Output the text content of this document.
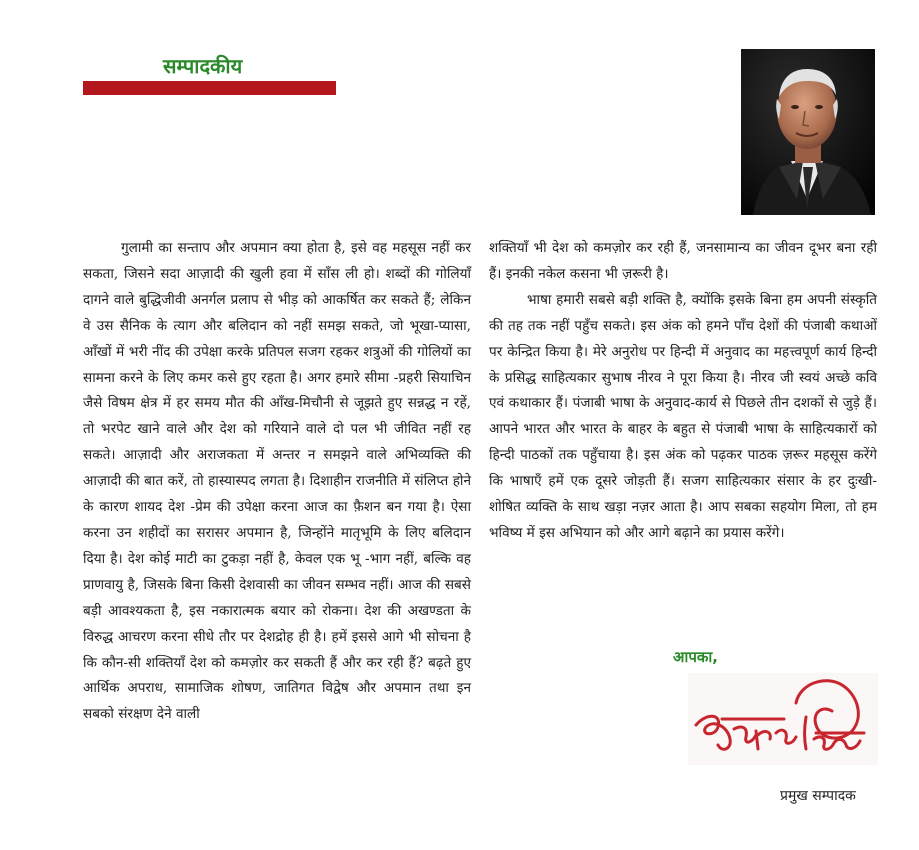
सम्पादकीय

गुलामी का सन्ताप और अपमान क्या होता है, इसे वह महसूस नहीं कर सकता, जिसने सदा आज़ादी की खुली हवा में साँस ली हो। शब्दों की गोलियाँ दागने वाले बुद्धिजीवी अनर्गल प्रलाप से भीड़ को आकर्षित कर सकते हैं; लेकिन वे उस सैनिक के त्याग और बलिदान को नहीं समझ सकते, जो भूखा-प्यासा, आँखों में भरी नींद की उपेक्षा करके प्रतिपल सजग रहकर शत्रुओं की गोलियों का सामना करने के लिए कमर कसे हुए रहता है। अगर हमारे सीमा -प्रहरी सियाचिन जैसे विषम क्षेत्र में हर समय मौत की आँख-मिचौनी से जूझते हुए सन्नद्ध न रहें, तो भरपेट खाने वाले और देश को गरियाने वाले दो पल भी जीवित नहीं रह सकते। आज़ादी और अराजकता में अन्तर न समझने वाले अभिव्यक्ति की आज़ादी की बात करें, तो हास्यास्पद लगता है। दिशाहीन राजनीति में संलिप्त होने के कारण शायद देश -प्रेम की उपेक्षा करना आज का फ़ैशन बन गया है। ऐसा करना उन शहीदों का सरासर अपमान है, जिन्होंने मातृभूमि के लिए बलिदान दिया है। देश कोई माटी का टुकड़ा नहीं है, केवल एक भू -भाग नहीं, बल्कि वह प्राणवायु है, जिसके बिना किसी देशवासी का जीवन सम्भव नहीं। आज की सबसे बड़ी आवश्यकता है, इस नकारात्मक बयार को रोकना। देश की अखण्डता के विरुद्ध आचरण करना सीधे तौर पर देशद्रोह ही है। हमें इससे आगे भी सोचना है कि कौन-सी शक्तियाँ देश को कमज़ोर कर सकती हैं और कर रही हैं? बढ़ते हुए आर्थिक अपराध, सामाजिक शोषण, जातिगत विद्वेष और अपमान तथा इन सबको संरक्षण देने वाली

शक्तियाँ भी देश को कमज़ोर कर रही हैं, जनसामान्य का जीवन दूभर बना रही हैं। इनकी नकेल कसना भी ज़रूरी है।

भाषा हमारी सबसे बड़ी शक्ति है, क्योंकि इसके बिना हम अपनी संस्कृति की तह तक नहीं पहुँच सकते। इस अंक को हमने पाँच देशों की पंजाबी कथाओं पर केन्द्रित किया है। मेरे अनुरोध पर हिन्दी में अनुवाद का महत्त्वपूर्ण कार्य हिन्दी के प्रसिद्ध साहित्यकार सुभाष नीरव ने पूरा किया है। नीरव जी स्वयं अच्छे कवि एवं कथाकार हैं। पंजाबी भाषा के अनुवाद-कार्य से पिछले तीन दशकों से जुड़े हैं। आपने भारत और भारत के बाहर के बहुत से पंजाबी भाषा के साहित्यकारों को हिन्दी पाठकों तक पहुँचाया है। इस अंक को पढ़कर पाठक ज़रूर महसूस करेंगे कि भाषाएँ हमें एक दूसरे जोड़ती हैं। सजग साहित्यकार संसार के हर दुःखी-शोषित व्यक्ति के साथ खड़ा नज़र आता है। आप सबका सहयोग मिला, तो हम भविष्य में इस अभियान को और आगे बढ़ाने का प्रयास करेंगे।

आपका,
प्रमुख सम्पादक
